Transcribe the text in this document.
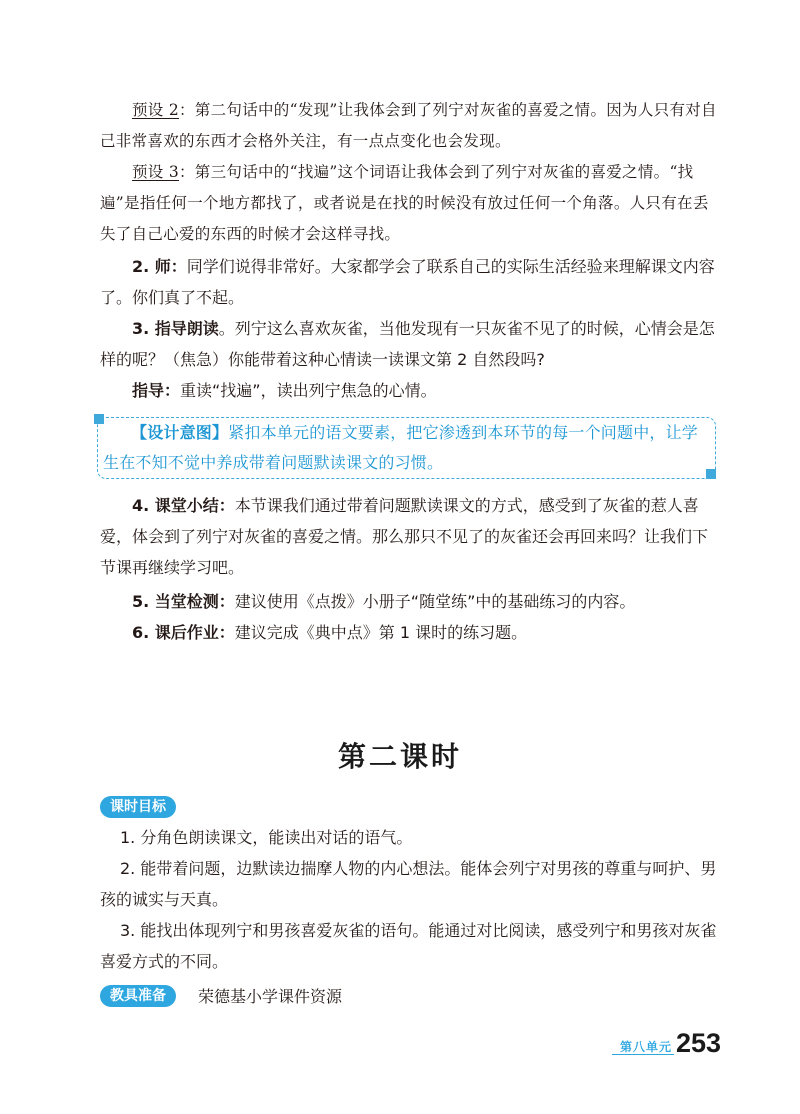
预设 2：第二句话中的“发现”让我体会到了列宁对灰雀的喜爱之情。因为人只有对自己非常喜欢的东西才会格外关注，有一点点变化也会发现。

预设 3：第三句话中的“找遍”这个词语让我体会到了列宁对灰雀的喜爱之情。“找遍”是指任何一个地方都找了，或者说是在找的时候没有放过任何一个角落。人只有在丢失了自己心爱的东西的时候才会这样寻找。

2. 师：同学们说得非常好。大家都学会了联系自己的实际生活经验来理解课文内容了。你们真了不起。

3. 指导朗读。列宁这么喜欢灰雀，当他发现有一只灰雀不见了的时候，心情会是怎样的呢？（焦急）你能带着这种心情读一读课文第 2 自然段吗?

指导：重读“找遍”，读出列宁焦急的心情。

【设计意图】紧扣本单元的语文要素，把它渗透到本环节的每一个问题中，让学生在不知不觉中养成带着问题默读课文的习惯。

4. 课堂小结：本节课我们通过带着问题默读课文的方式，感受到了灰雀的惹人喜爱，体会到了列宁对灰雀的喜爱之情。那么那只不见了的灰雀还会再回来吗？让我们下节课再继续学习吧。

5. 当堂检测：建议使用《点拨》小册子“随堂练”中的基础练习的内容。

6. 课后作业：建议完成《典中点》第 1 课时的练习题。

第二课时
课时目标

1. 分角色朗读课文，能读出对话的语气。

2. 能带着问题，边默读边揣摩人物的内心想法。能体会列宁对男孩的尊重与呵护、男孩的诚实与天真。

3. 能找出体现列宁和男孩喜爱灰雀的语句。能通过对比阅读，感受列宁和男孩对灰雀喜爱方式的不同。

教具准备	荣德基小学课件资源

第八单元 253
